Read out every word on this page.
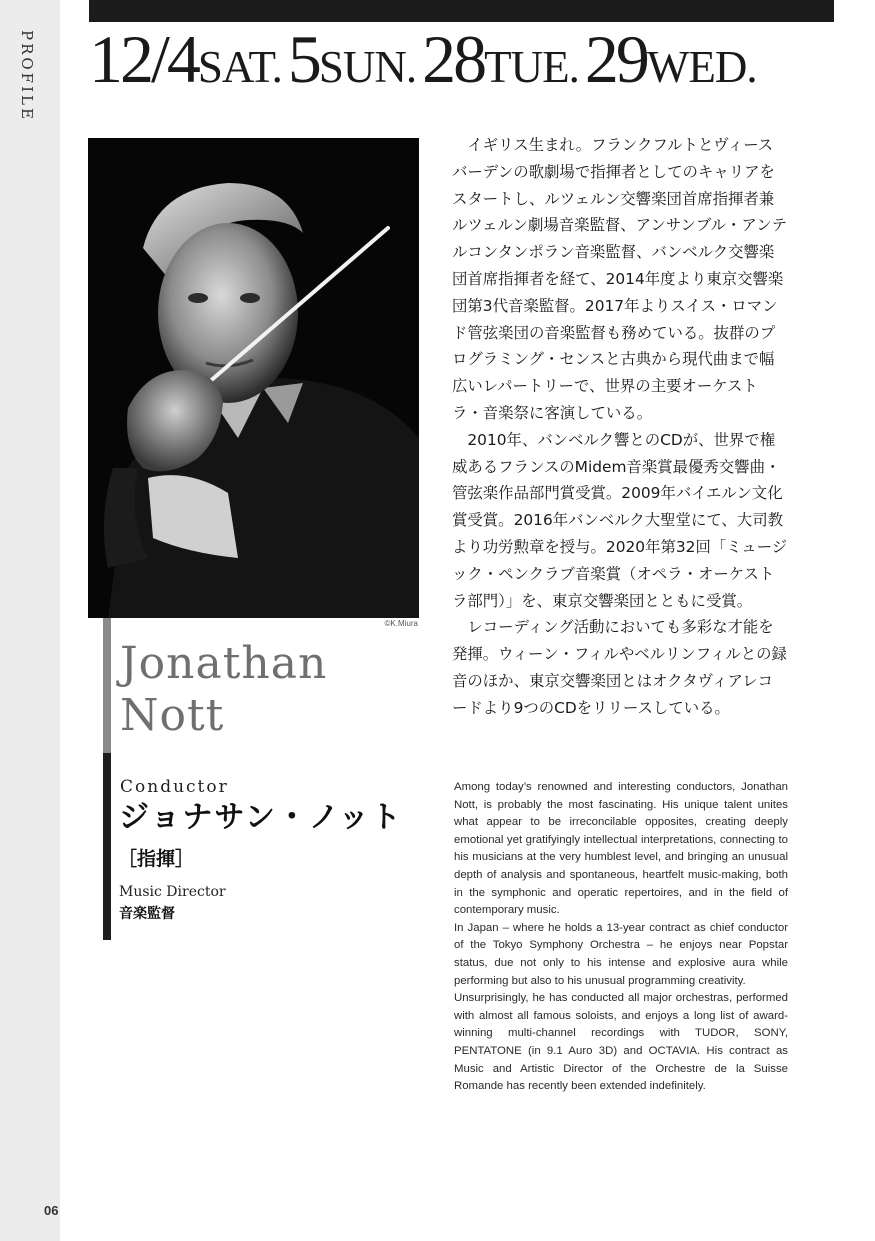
PROFILE
06
12/4SAT.5SUN.28TUE.29WED.
©K.Miura
Jonathan
Nott
Conductor
ジョナサン・ノット
［指揮］
Music Director
音楽監督

イギリス生まれ。フランクフルトとヴィースバーデンの歌劇場で指揮者としてのキャリアをスタートし、ルツェルン交響楽団首席指揮者兼ルツェルン劇場音楽監督、アンサンブル・アンテルコンタンポラン音楽監督、バンベルク交響楽団首席指揮者を経て、2014年度より東京交響楽団第3代音楽監督。2017年よりスイス・ロマンド管弦楽団の音楽監督も務めている。抜群のプログラミング・センスと古典から現代曲まで幅広いレパートリーで、世界の主要オーケストラ・音楽祭に客演している。

2010年、バンベルク響とのCDが、世界で権威あるフランスのMidem音楽賞最優秀交響曲・管弦楽作品部門賞受賞。2009年バイエルン文化賞受賞。2016年バンベルク大聖堂にて、大司教より功労勲章を授与。2020年第32回「ミュージック・ペンクラブ音楽賞（オペラ・オーケストラ部門）」を、東京交響楽団とともに受賞。

レコーディング活動においても多彩な才能を発揮。ウィーン・フィルやベルリンフィルとの録音のほか、東京交響楽団とはオクタヴィアレコードより9つのCDをリリースしている。

Among today’s renowned and interesting conductors, Jonathan Nott, is probably the most fascinating. His unique talent unites what appear to be irreconcilable opposites, creating deeply emotional yet gratifyingly intellectual interpretations, connecting to his musicians at the very humblest level, and bringing an unusual depth of analysis and spontaneous, heartfelt music-making, both in the symphonic and operatic repertoires, and in the field of contemporary music.

In Japan – where he holds a 13-year contract as chief conductor of the Tokyo Symphony Orchestra – he enjoys near Popstar status, due not only to his intense and explosive aura while performing but also to his unusual programming creativity.

Unsurprisingly, he has conducted all major orchestras, performed with almost all famous soloists, and enjoys a long list of award-winning multi-channel recordings with TUDOR, SONY, PENTATONE (in 9.1 Auro 3D) and OCTAVIA. His contract as Music and Artistic Director of the Orchestre de la Suisse Romande has recently been extended indefinitely.
